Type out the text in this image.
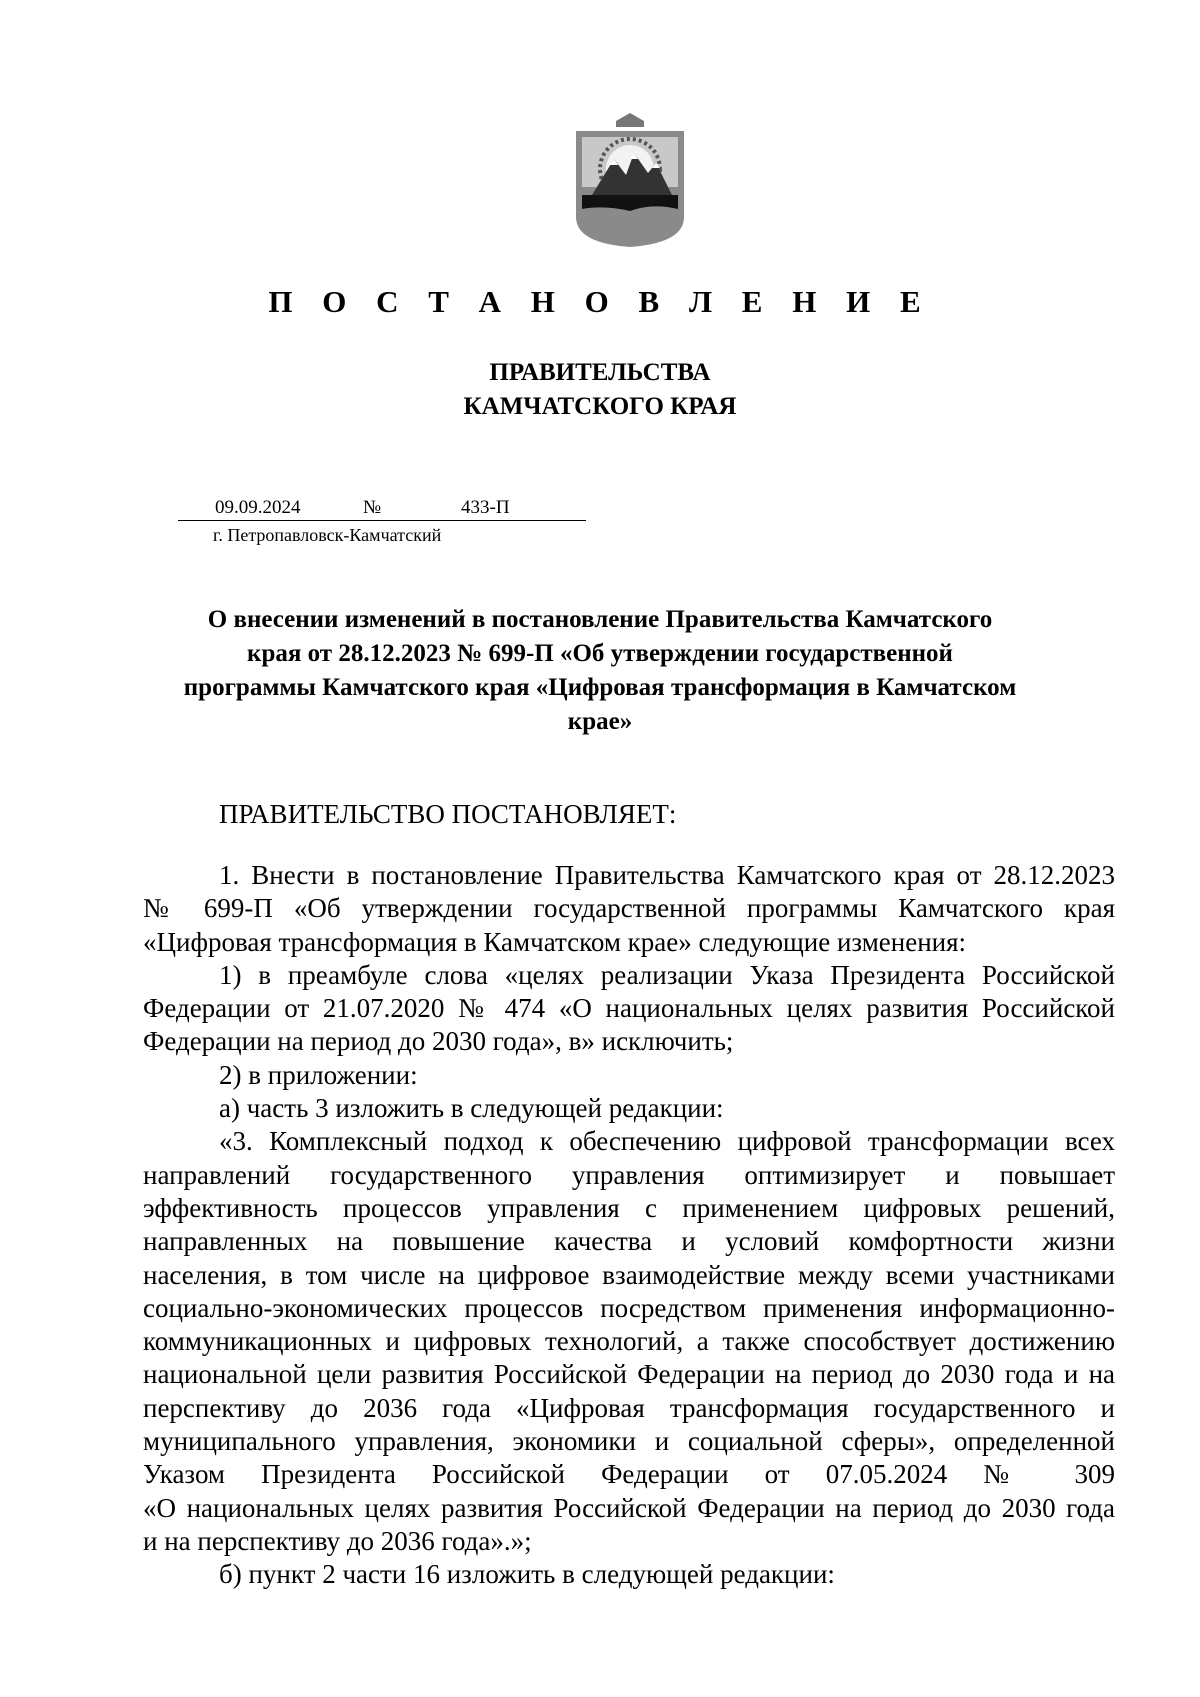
П О С Т А Н О В Л Е Н И Е
ПРАВИТЕЛЬСТВА
КАМЧАТСКОГО КРАЯ
09.09.2024	№	433-П
г. Петропавловск-Камчатский
О внесении изменений в постановление Правительства Камчатского
края от 28.12.2023 № 699-П «Об утверждении государственной
программы Камчатского края «Цифровая трансформация в Камчатском
крае»
ПРАВИТЕЛЬСТВО ПОСТАНОВЛЯЕТ:
1. Внести в постановление Правительства Камчатского края от 28.12.2023
№ 699-П «Об утверждении государственной программы Камчатского края
«Цифровая трансформация в Камчатском крае» следующие изменения:
1) в преамбуле слова «целях реализации Указа Президента Российской
Федерации от 21.07.2020 № 474 «О национальных целях развития Российской
Федерации на период до 2030 года», в» исключить;
2) в приложении:
а) часть 3 изложить в следующей редакции:
«3. Комплексный подход к обеспечению цифровой трансформации всех
направлений государственного управления оптимизирует и повышает
эффективность процессов управления с применением цифровых решений,
направленных на повышение качества и условий комфортности жизни
населения, в том числе на цифровое взаимодействие между всеми участниками
социально-экономических процессов посредством применения информационно-
коммуникационных и цифровых технологий, а также способствует достижению
национальной цели развития Российской Федерации на период до 2030 года и на
перспективу до 2036 года «Цифровая трансформация государственного и
муниципального управления, экономики и социальной сферы», определенной
Указом Президента Российской Федерации от 07.05.2024 № 309
«О национальных целях развития Российской Федерации на период до 2030 года
и на перспективу до 2036 года».»;
б) пункт 2 части 16 изложить в следующей редакции:
